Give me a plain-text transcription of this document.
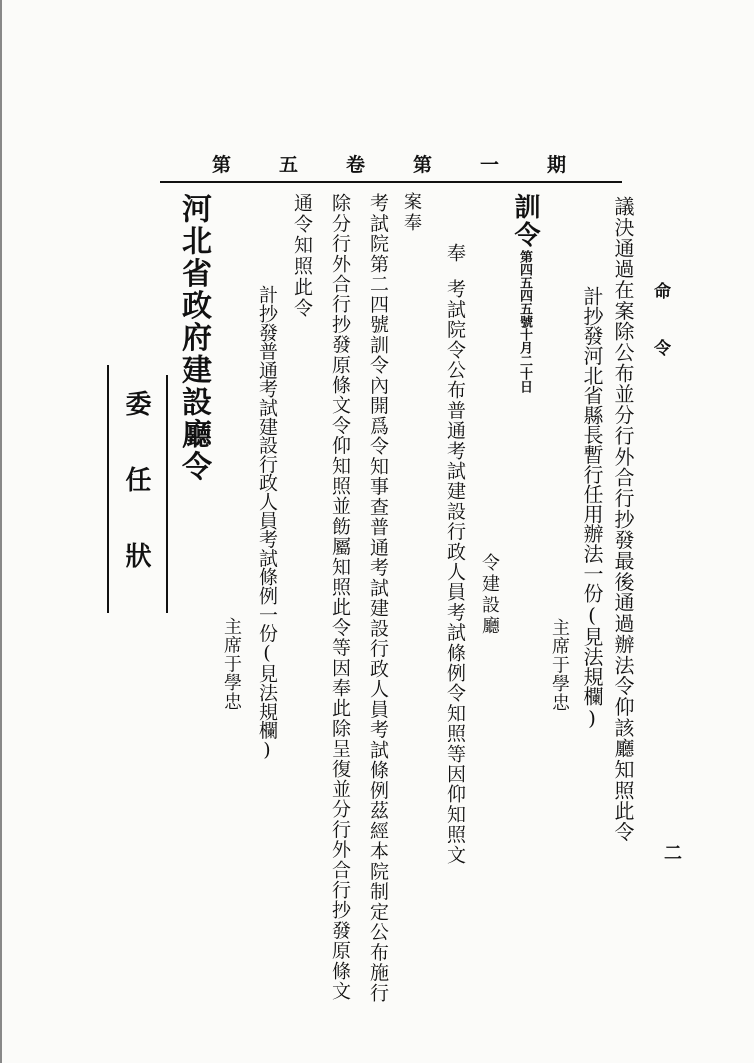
第五卷第一期
命令
二
議決通過在案除公布並分行外合行抄發最後通過辦法令仰該廳知照此令
計抄發河北省縣長暫行任用辦法一份(見法規欄)
主席于學忠
訓令
第四五四五號十月二十日
令建設廳
奉
考試院令公布普通考試建設行政人員考試條例令知照等因仰知照文
案奉
考試院第二四號訓令內開爲令知事查普通考試建設行政人員考試條例茲經本院制定公布施行
除分行外合行抄發原條文令仰知照並飭屬知照此令等因奉此除呈復並分行外合行抄發原條文
通令知照此令
計抄發普通考試建設行政人員考試條例一份(見法規欄)
主席于學忠
河北省政府建設廳令
委任狀
